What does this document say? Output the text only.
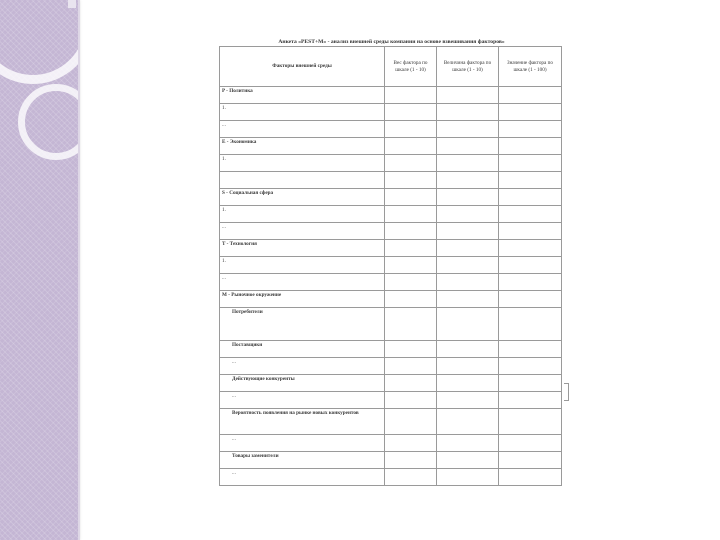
Анкета «PEST+М» - анализ внешней среды компании на основе взвешивания факторов»
Факторы внешней среды	Вес фактора по шкале (1 - 10)	Величина фактора по шкале (1 - 10)	Значение фактора по шкале (1 - 100)
P - Политика			
1.			
...			
E - Экономика			
1.			

S - Социальная сфера			
1.			
...			
T - Технология			
1.			
...			
M - Рыночное окружение			
Потребители			
Поставщики			
...			
Действующие конкуренты			
...			
Вероятность появления на рынке новых конкурентов			
...			
Товары заменители			
...			
